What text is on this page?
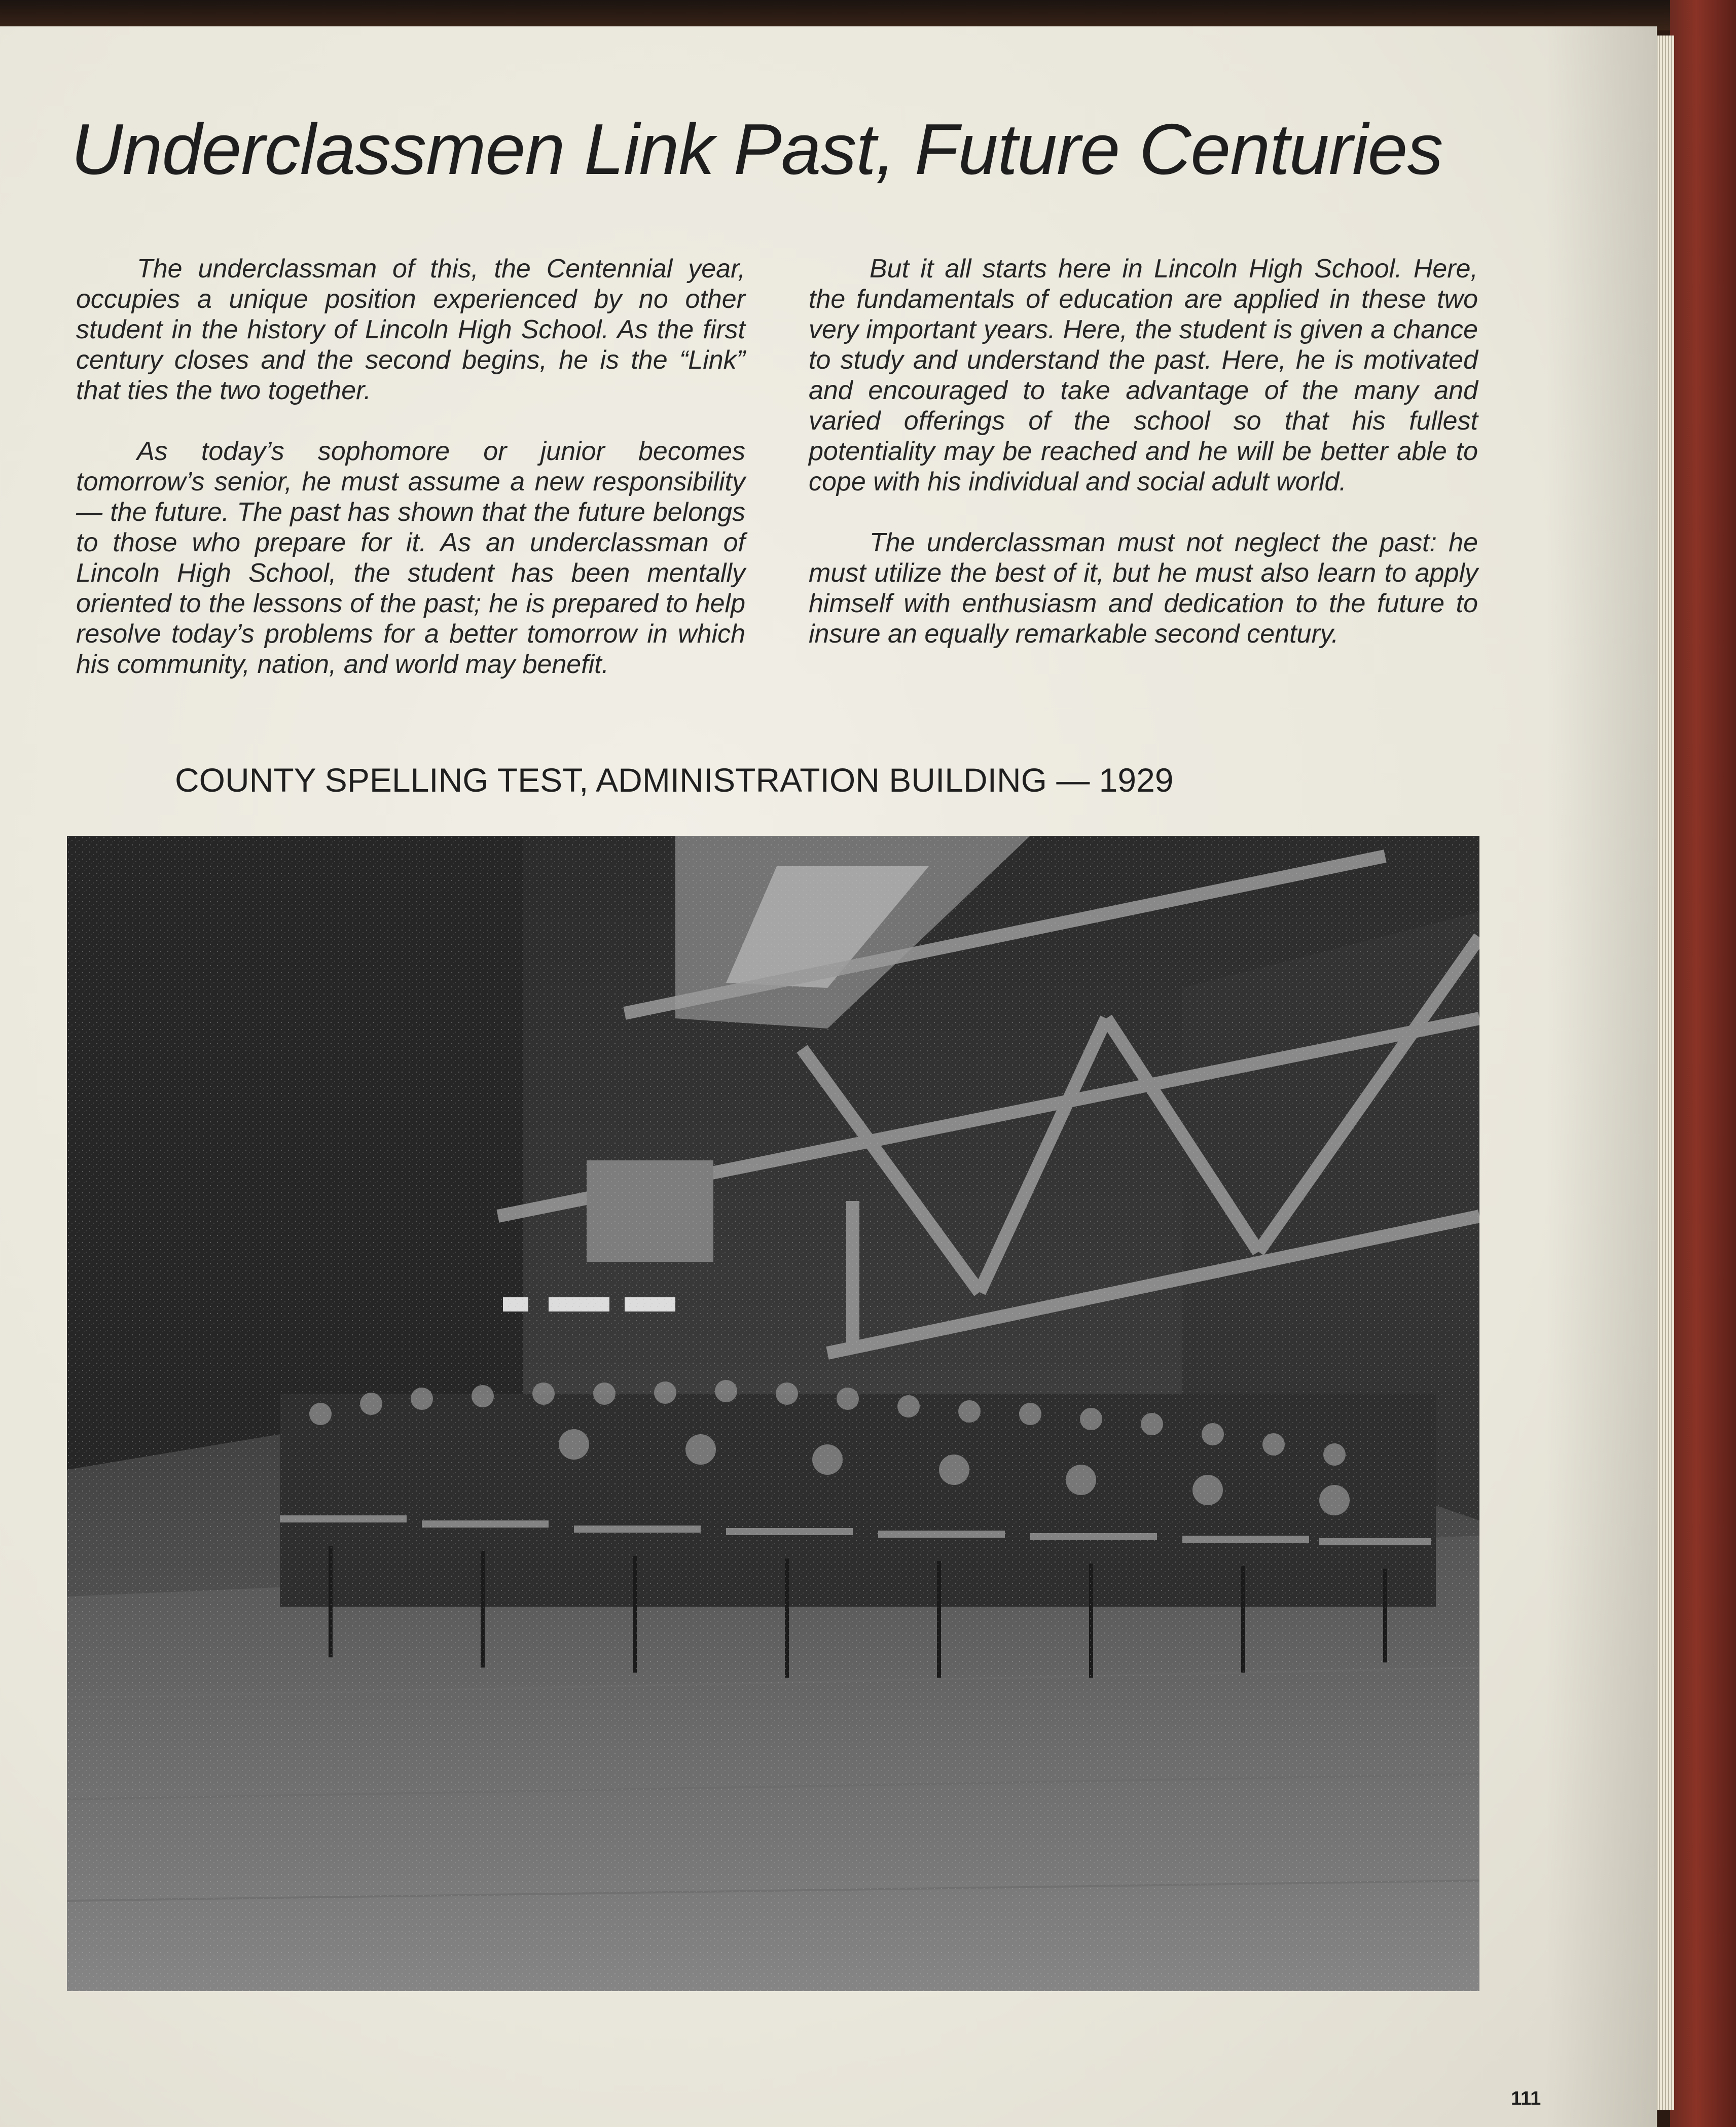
Underclassmen Link Past, Future Centuries

The underclassman of this, the Centennial year, occupies a unique position experienced by no other student in the history of Lincoln High School. As the first century closes and the second begins, he is the “Link” that ties the two together.

As today’s sophomore or junior becomes tomorrow’s senior, he must assume a new responsibility — the future. The past has shown that the future belongs to those who prepare for it. As an underclassman of Lincoln High School, the student has been mentally oriented to the lessons of the past; he is prepared to help resolve today’s problems for a better tomorrow in which his community, nation, and world may benefit.

But it all starts here in Lincoln High School. Here, the fundamentals of education are applied in these two very important years. Here, the student is given a chance to study and understand the past. Here, he is motivated and encouraged to take advantage of the many and varied offerings of the school so that his fullest potentiality may be reached and he will be better able to cope with his individual and social adult world.

The underclassman must not neglect the past: he must utilize the best of it, but he must also learn to apply himself with enthusiasm and dedication to the future to insure an equally remarkable second century.

COUNTY SPELLING TEST, ADMINISTRATION BUILDING — 1929
111
